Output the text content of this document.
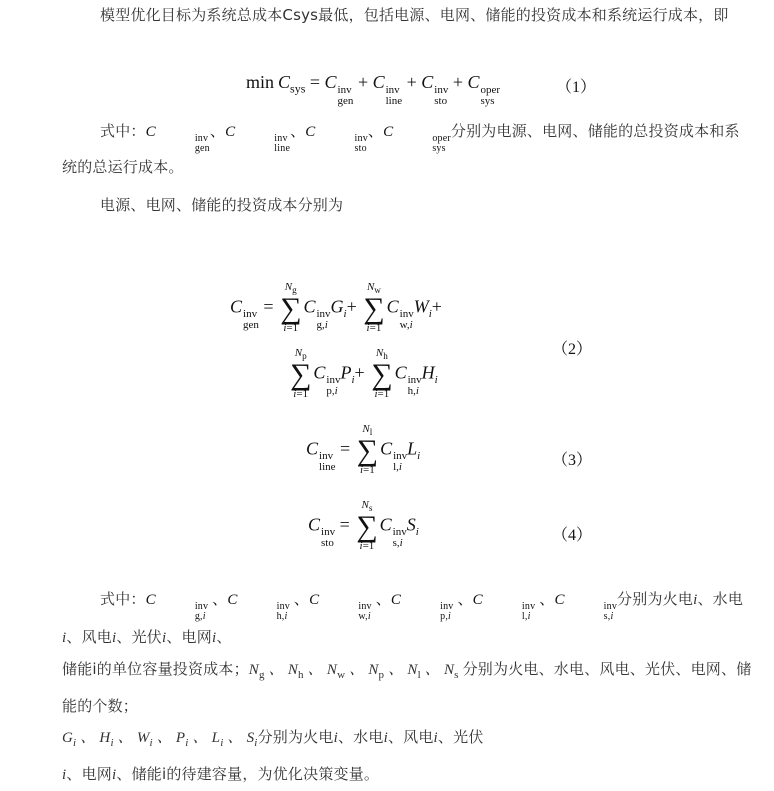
模型优化目标为系统总成本Csys最低，包括电源、电网、储能的投资成本和系统运行成本，即
$\min C_{sys} = C$ inv
gen
+ C inv
line
+ C inv
sto
+ C oper
sys
（1）
式中：C	inv
gen
、C	inv
line
、C	inv
sto
、C	oper
sys
分别为电源、电网、储能的总投资成本和系统的总运行成本。
电源、电网、储能的投资成本分别为
C inv
gen
=
$N_g$
∑
i=1
C inv
g,i
$G_i+$
$N_w$
∑
i=1
C inv
w,i
$W_i+$
$N_p$
∑
i=1
C inv
p,i
$P_i+$
$N_h$
∑
i=1
C inv
h,i
$H_i$
（2）
C inv
line
=
$N_l$
∑
i=1
C inv
l,i
$L_i$	（3）
C inv
sto
=
$N_s$
∑
i=1
C inv
s,i
$S_i$	（4）
式中：C	inv
g,i
、C	inv
h,i
、C	inv
w,i
、C	inv
p,i
、C	inv
l,i
、C	inv
s,i
分别为火电i、水电i、风电i、光伏i、电网i、
储能i的单位容量投资成本；$N_g$ 、 $N_h$ 、 $N_w$ 、 $N_p$ 、 $N_l$ 、 $N_s$ 分别为火电、水电、风电、光伏、电网、储能的个数；
$G_i$ 、 $H_i$ 、 $W_i$ 、 $P_i$ 、 $L_i$ 、 $S_i$分别为火电i、水电i、风电i、光伏
i、电网i、储能i的待建容量，为优化决策变量。
